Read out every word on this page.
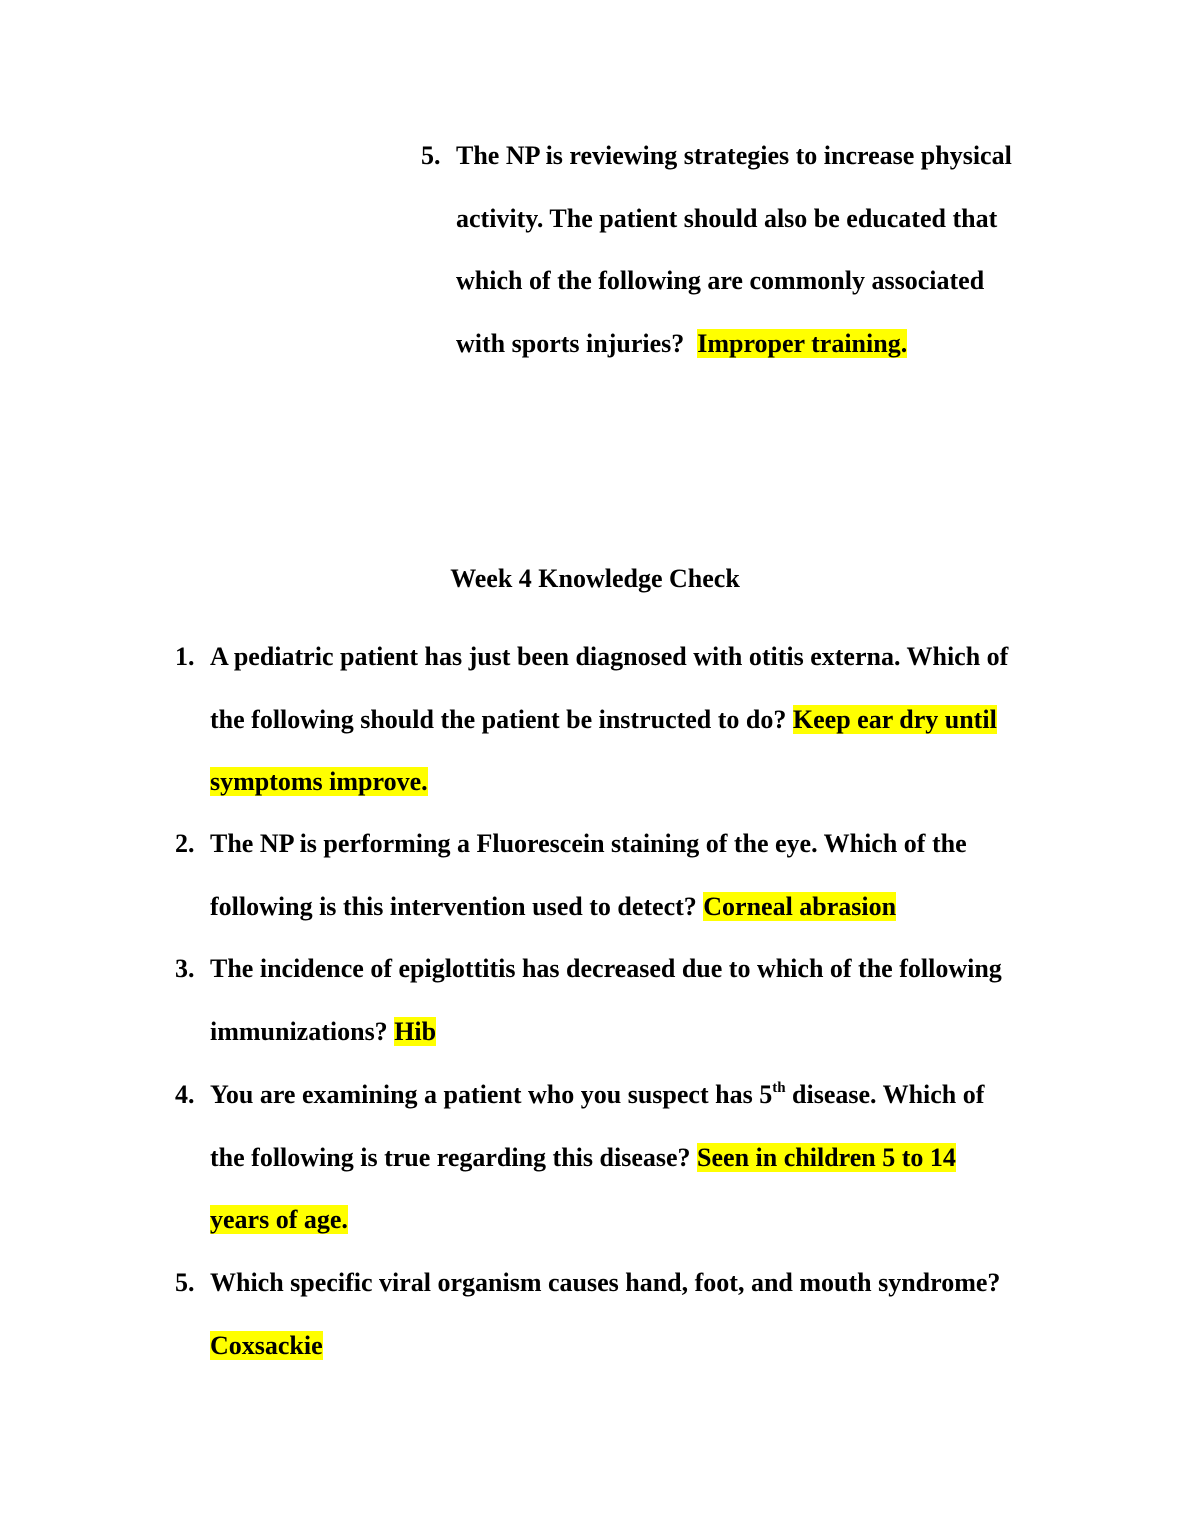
5. The NP is reviewing strategies to increase physical
activity. The patient should also be educated that
which of the following are commonly associated
with sports injuries?  Improper training.
Week 4 Knowledge Check
1. A pediatric patient has just been diagnosed with otitis externa. Which of
the following should the patient be instructed to do? Keep ear dry until
symptoms improve.
2. The NP is performing a Fluorescein staining of the eye. Which of the
following is this intervention used to detect? Corneal abrasion
3. The incidence of epiglottitis has decreased due to which of the following
immunizations? Hib
4. You are examining a patient who you suspect has 5th disease. Which of
the following is true regarding this disease? Seen in children 5 to 14
years of age.
5. Which specific viral organism causes hand, foot, and mouth syndrome?
Coxsackie
